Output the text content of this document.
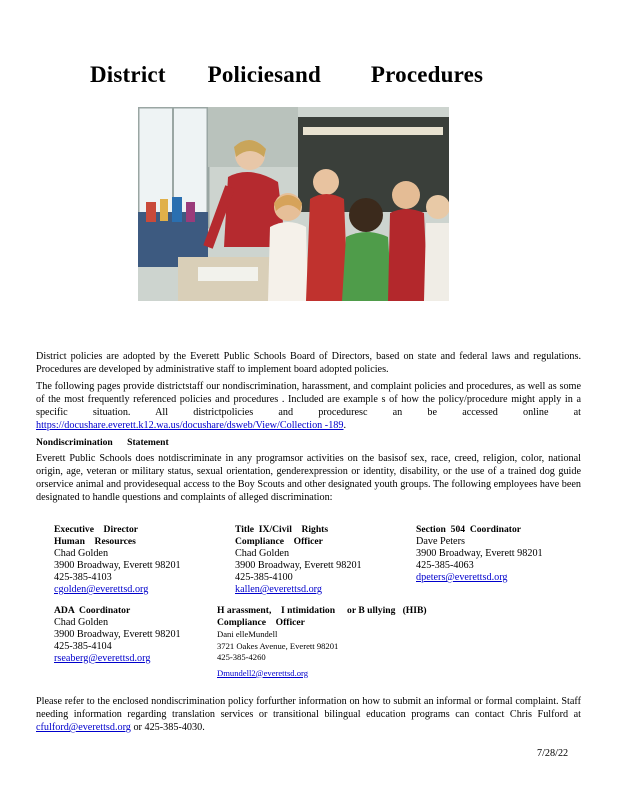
District Policiesand Procedures
District policies are adopted by the Everett Public Schools Board of Directors, based on state and federal laws and regulations. Procedures are developed by administrative staff to implement board adopted policies.
The following pages provide districtstaff our nondiscrimination, harassment, and complaint policies and procedures, as well as some of the most frequently referenced policies and procedures . Included are example s of how the policy/procedure might apply in a specific situation. All districtpolicies and proceduresc an be accessed online at https://docushare.everett.k12.wa.us/docushare/dsweb/View/Collection -189.
Nondiscrimination      Statement
Everett Public Schools does notdiscriminate in any programsor activities on the basisof sex, race, creed, religion, color, national origin, age, veteran or military status, sexual orientation, genderexpression or identity, disability, or the use of a trained dog guide orservice animal and providesequal access to the Boy Scouts and other designated youth groups. The following employees have been designated to handle questions and complaints of alleged discrimination:
Executive    Director
Human    Resources
Chad Golden
3900 Broadway, Everett 98201
425-385-4103
cgolden@everettsd.org
Title  IX/Civil    Rights
Compliance    Officer
Chad Golden
3900 Broadway, Everett 98201
425-385-4100
kallen@everettsd.org
Section  504  Coordinator
Dave Peters
3900 Broadway, Everett 98201
425-385-4063
dpeters@everettsd.org
ADA  Coordinator
Chad Golden
3900 Broadway, Everett 98201
425-385-4104
rseaberg@everettsd.org
H arassment,    I ntimidation     or B ullying   (HIB)
Compliance    Officer
Dani elleMundell
3721 Oakes Avenue, Everett 98201
425-385-4260
Dmundell2@everettsd.org
Please refer to the enclosed nondiscrimination policy forfurther information on how to submit an informal or formal complaint. Staff needing information regarding translation services or transitional bilingual education programs can contact Chris Fulford at cfulford@everettsd.org or 425-385-4030.
7/28/22
